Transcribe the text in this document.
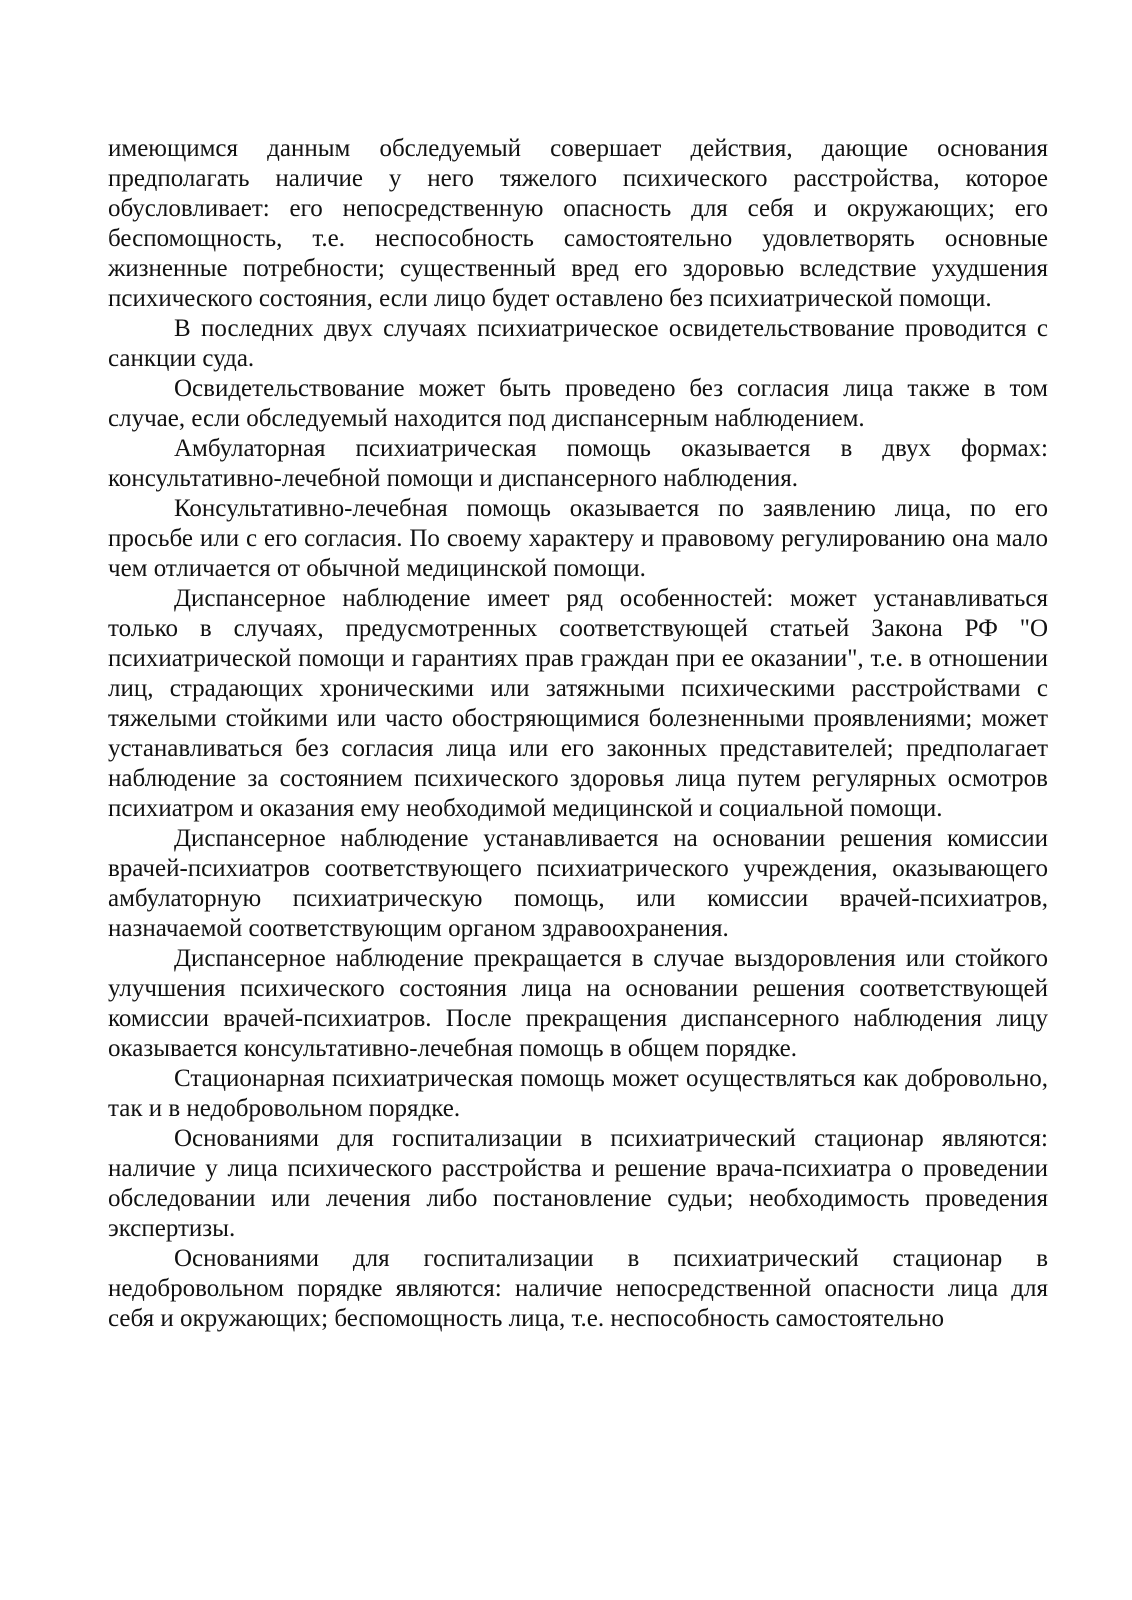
имеющимся данным обследуемый совершает действия, дающие основания предполагать наличие у него тяжелого психического расстройства, которое обусловливает: его непосредственную опасность для себя и окружающих; его беспомощность, т.е. неспособность самостоятельно удовлетворять основные жизненные потребности; существенный вред его здоровью вследствие ухудшения психического состояния, если лицо будет оставлено без психиатрической помощи.

В последних двух случаях психиатрическое освидетельствование проводится с санкции суда.

Освидетельствование может быть проведено без согласия лица также в том случае, если обследуемый находится под диспансерным наблюдением.

Амбулаторная психиатрическая помощь оказывается в двух формах: консультативно-лечебной помощи и диспансерного наблюдения.

Консультативно-лечебная помощь оказывается по заявлению лица, по его просьбе или с его согласия. По своему характеру и правовому регулированию она мало чем отличается от обычной медицинской помощи.

Диспансерное наблюдение имеет ряд особенностей: может устанавливаться только в случаях, предусмотренных соответствующей статьей Закона РФ "О психиатрической помощи и гарантиях прав граждан при ее оказании", т.е. в отношении лиц, страдающих хроническими или затяжными психическими расстройствами с тяжелыми стойкими или часто обостряющимися болезненными проявлениями; может устанавливаться без согласия лица или его законных представителей; предполагает наблюдение за состоянием психического здоровья лица путем регулярных осмотров психиатром и оказания ему необходимой медицинской и социальной помощи.

Диспансерное наблюдение устанавливается на основании решения комиссии врачей-психиатров соответствующего психиатрического учреждения, оказывающего амбулаторную психиатрическую помощь, или комиссии врачей-психиатров, назначаемой соответствующим органом здравоохранения.

Диспансерное наблюдение прекращается в случае выздоровления или стойкого улучшения психического состояния лица на основании решения соответствующей комиссии врачей-психиатров. После прекращения диспансерного наблюдения лицу оказывается консультативно-лечебная помощь в общем порядке.

Стационарная психиатрическая помощь может осуществляться как добровольно, так и в недобровольном порядке.

Основаниями для госпитализации в психиатрический стационар являются: наличие у лица психического расстройства и решение врача-психиатра о проведении обследовании или лечения либо постановление судьи; необходимость проведения экспертизы.

Основаниями для госпитализации в психиатрический стационар в недобровольном порядке являются: наличие непосредственной опасности лица для себя и окружающих; беспомощность лица, т.е. неспособность самостоятельно
